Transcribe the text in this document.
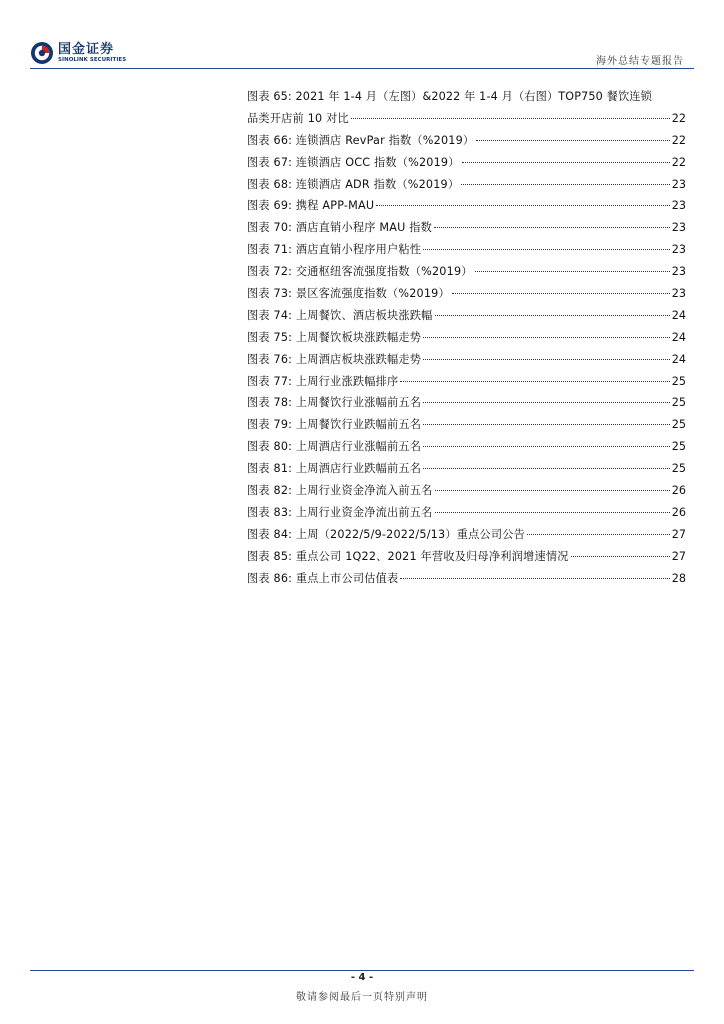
国金证券
SINOLINK SECURITIES	海外总结专题报告
图表 65: 2021 年 1-4 月（左图）&2022 年 1-4 月（右图）TOP750 餐饮连锁
品类开店前 10 对比	22
图表 66: 连锁酒店 RevPar 指数（%2019）	22
图表 67: 连锁酒店 OCC 指数（%2019）	22
图表 68: 连锁酒店 ADR 指数（%2019）	23
图表 69: 携程 APP-MAU	23
图表 70: 酒店直销小程序 MAU 指数	23
图表 71: 酒店直销小程序用户粘性	23
图表 72: 交通枢纽客流强度指数（%2019）	23
图表 73: 景区客流强度指数（%2019）	23
图表 74: 上周餐饮、酒店板块涨跌幅	24
图表 75: 上周餐饮板块涨跌幅走势	24
图表 76: 上周酒店板块涨跌幅走势	24
图表 77: 上周行业涨跌幅排序	25
图表 78: 上周餐饮行业涨幅前五名	25
图表 79: 上周餐饮行业跌幅前五名	25
图表 80: 上周酒店行业涨幅前五名	25
图表 81: 上周酒店行业跌幅前五名	25
图表 82: 上周行业资金净流入前五名	26
图表 83: 上周行业资金净流出前五名	26
图表 84: 上周（2022/5/9-2022/5/13）重点公司公告	27
图表 85: 重点公司 1Q22、2021 年营收及归母净利润增速情况	27
图表 86: 重点上市公司估值表	28
- 4 -
敬请参阅最后一页特别声明
